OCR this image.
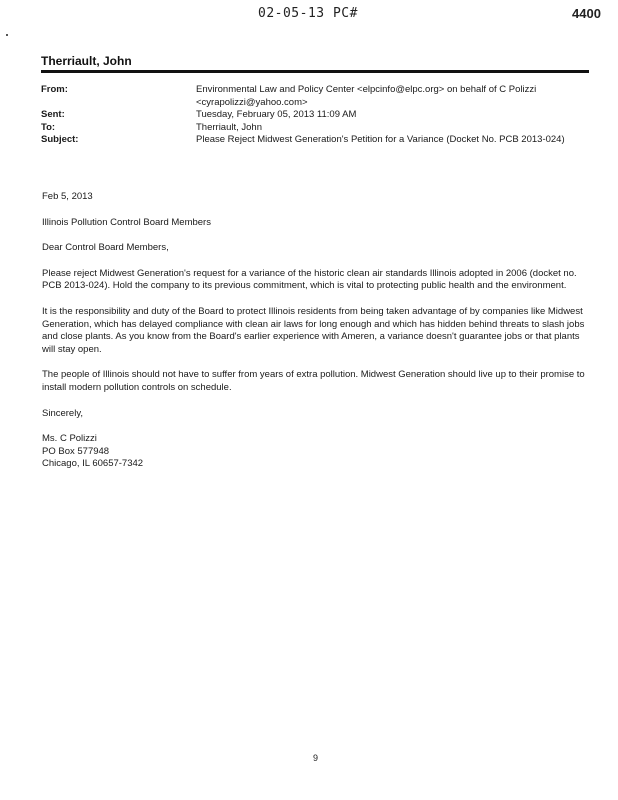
02-05-13 PC#	4400
Therriault, John
From:	Environmental Law and Policy Center <elpcinfo@elpc.org> on behalf of C Polizzi
<cyrapolizzi@yahoo.com>
Sent:	Tuesday, February 05, 2013 11:09 AM
To:	Therriault, John
Subject:	Please Reject Midwest Generation's Petition for a Variance (Docket No. PCB 2013-024)

Feb 5, 2013

Illinois Pollution Control Board Members

Dear Control Board Members,

Please reject Midwest Generation's request for a variance of the historic clean air standards Illinois adopted in 2006 (docket no. PCB 2013-024). Hold the company to its previous commitment, which is vital to protecting public health and the environment.

It is the responsibility and duty of the Board to protect Illinois residents from being taken advantage of by companies like Midwest Generation, which has delayed compliance with clean air laws for long enough and which has hidden behind threats to slash jobs and close plants. As you know from the Board's earlier experience with Ameren, a variance doesn't guarantee jobs or that plants will stay open.

The people of Illinois should not have to suffer from years of extra pollution. Midwest Generation should live up to their promise to install modern pollution controls on schedule.

Sincerely,

Ms. C Polizzi
PO Box 577948
Chicago, IL 60657-7342

9
